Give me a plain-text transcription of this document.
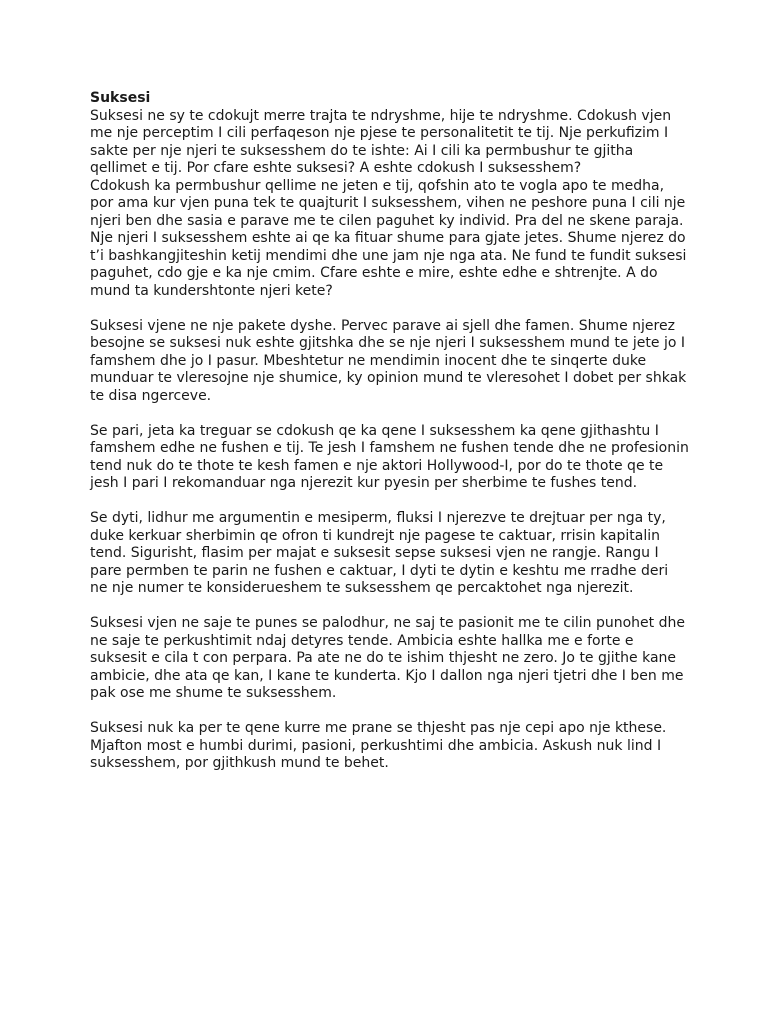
Suksesi

Suksesi ne sy te cdokujt merre trajta te ndryshme, hije te ndryshme. Cdokush vjen me nje perceptim I cili perfaqeson nje pjese te personalitetit te tij. Nje perkufizim I sakte per nje njeri te suksesshem do te ishte: Ai I cili ka permbushur te gjitha qellimet e tij. Por cfare eshte suksesi? A eshte cdokush I suksesshem?
Cdokush ka permbushur qellime ne jeten e tij, qofshin ato te vogla apo te medha, por ama kur vjen puna tek te quajturit I suksesshem, vihen ne peshore puna I cili nje njeri ben dhe sasia e parave me te cilen paguhet ky individ. Pra del ne skene paraja. Nje njeri I suksesshem eshte ai qe ka fituar shume para gjate jetes. Shume njerez do t’i bashkangjiteshin ketij mendimi dhe une jam nje nga ata. Ne fund te fundit suksesi paguhet, cdo gje e ka nje cmim. Cfare eshte e mire, eshte edhe e shtrenjte. A do mund ta kundershtonte njeri kete?

Suksesi vjene ne nje pakete dyshe. Pervec parave ai sjell dhe famen. Shume njerez besojne se suksesi nuk eshte gjitshka dhe se nje njeri I suksesshem mund te jete jo I famshem dhe jo I pasur. Mbeshtetur ne mendimin inocent dhe te sinqerte duke munduar te vleresojne nje shumice, ky opinion mund te vleresohet I dobet per shkak te disa ngerceve.

Se pari, jeta ka treguar se cdokush qe ka qene I suksesshem ka qene gjithashtu I famshem edhe ne fushen e tij. Te jesh I famshem ne fushen tende dhe ne profesionin tend nuk do te thote te kesh famen e nje aktori Hollywood-I, por do te thote qe te jesh I pari I rekomanduar nga njerezit kur pyesin per sherbime te fushes tend.

Se dyti, lidhur me argumentin e mesiperm, fluksi I njerezve te drejtuar per nga ty, duke kerkuar sherbimin qe ofron ti kundrejt nje pagese te caktuar, rrisin kapitalin tend. Sigurisht, flasim per majat e suksesit sepse suksesi vjen ne rangje. Rangu I pare permben te parin ne fushen e caktuar, I dyti te dytin e keshtu me rradhe deri ne nje numer te konsiderueshem te suksesshem qe percaktohet nga njerezit.

Suksesi vjen ne saje te punes se palodhur, ne saj te pasionit me te cilin punohet dhe ne saje te perkushtimit ndaj detyres tende. Ambicia eshte hallka me e forte e suksesit e cila t con perpara. Pa ate ne do te ishim thjesht ne zero. Jo te gjithe kane ambicie, dhe ata qe kan, I kane te kunderta. Kjo I dallon nga njeri tjetri dhe I ben me pak ose me shume te suksesshem.

Suksesi nuk ka per te qene kurre me prane se thjesht pas nje cepi apo nje kthese. Mjafton most e humbi durimi, pasioni, perkushtimi dhe ambicia. Askush nuk lind I suksesshem, por gjithkush mund te behet.
